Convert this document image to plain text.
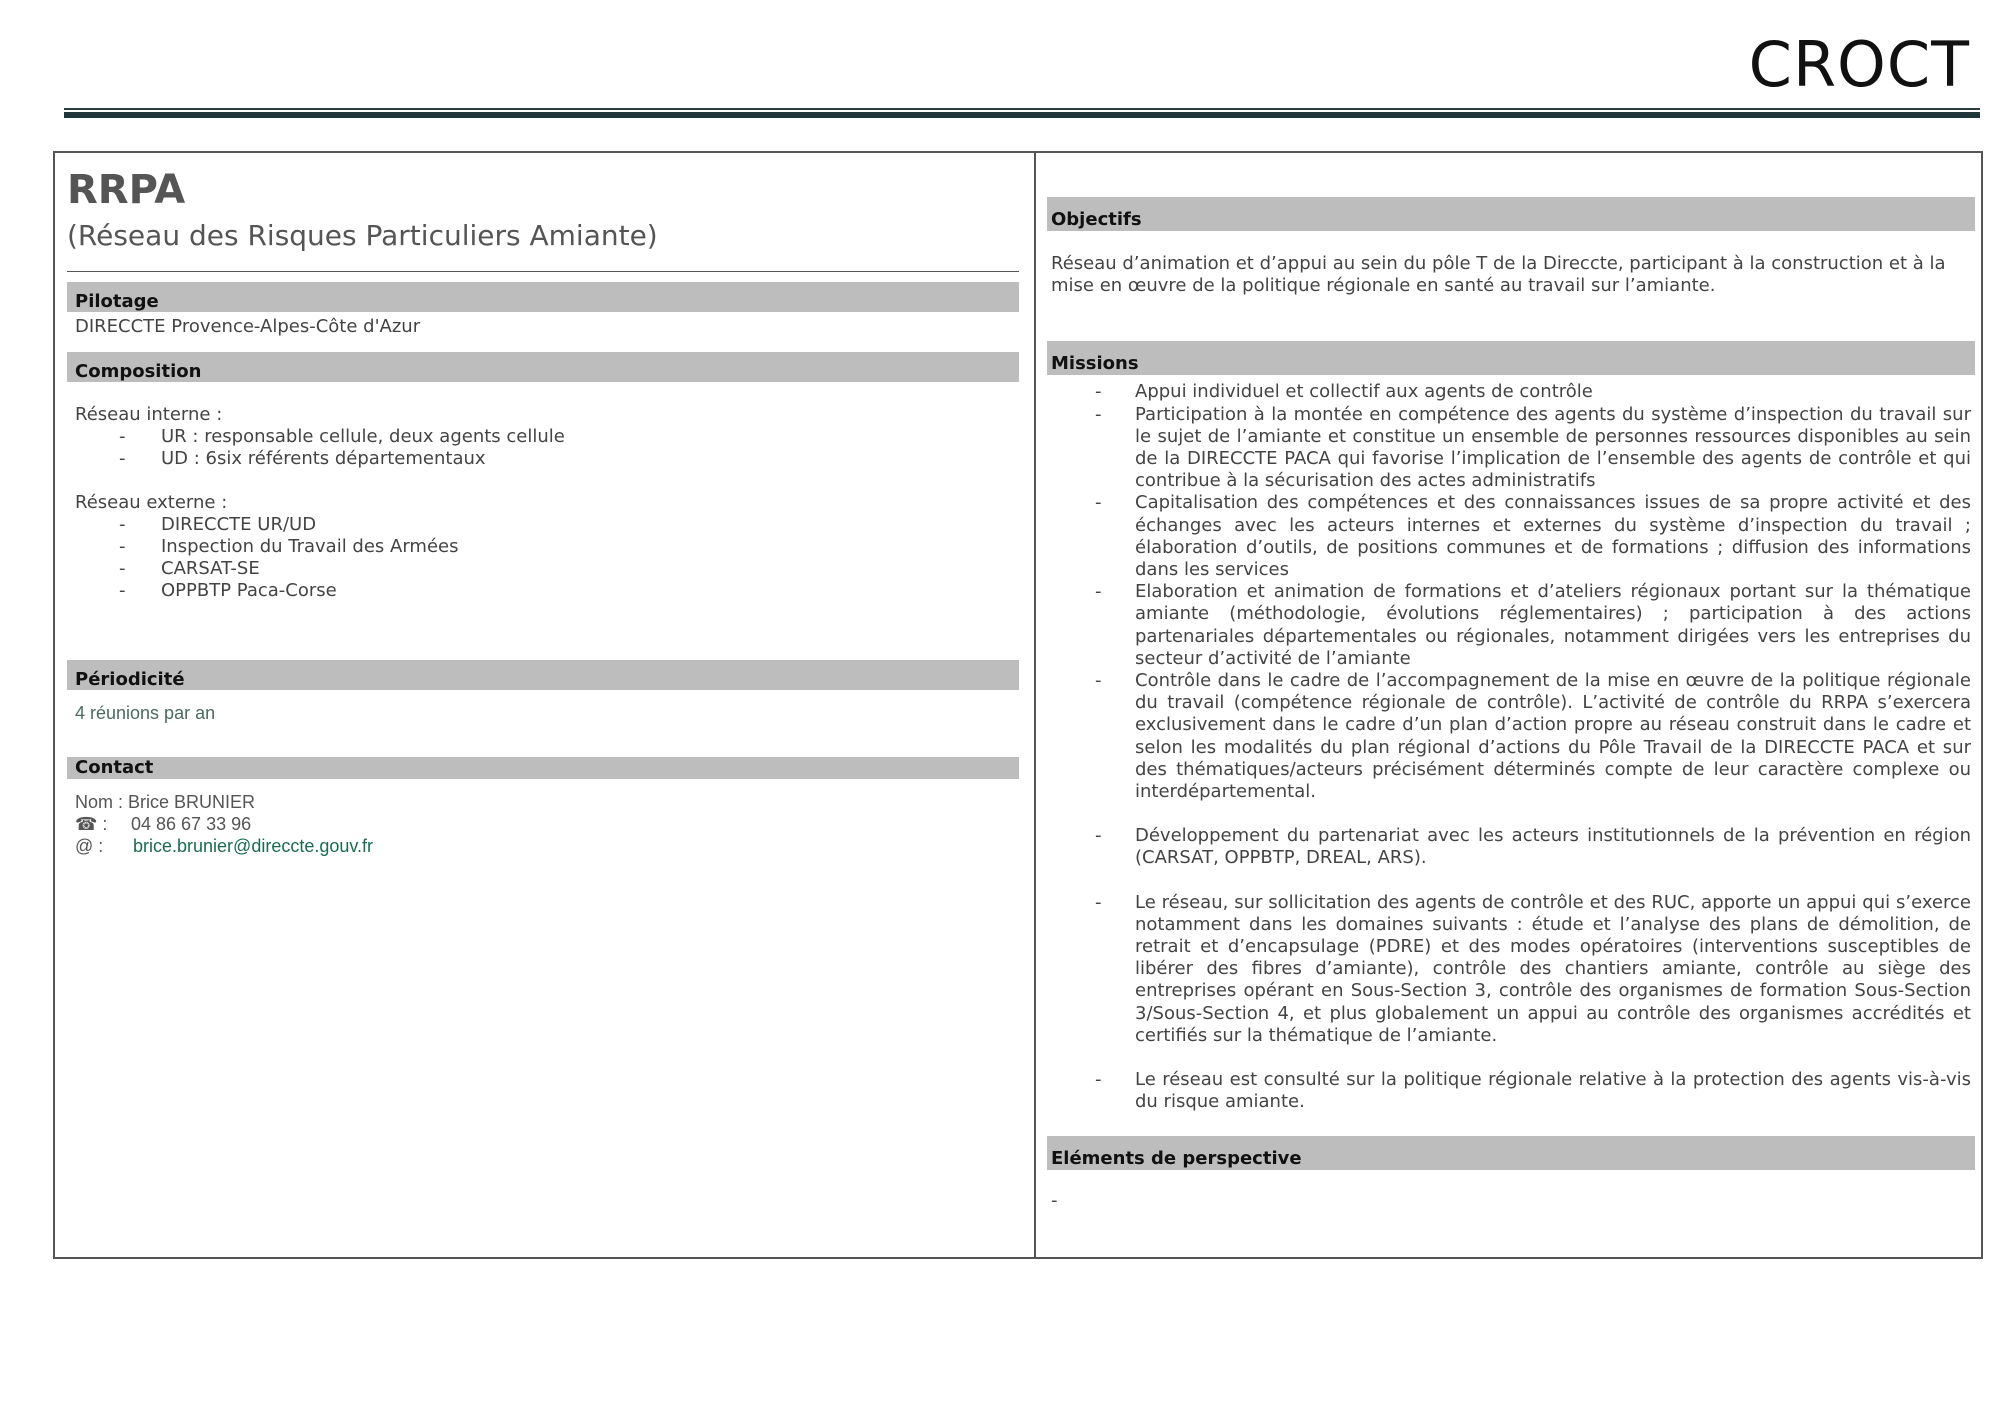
CROCT

RRPA

(Réseau des Risques Particuliers Amiante)

Pilotage
DIRECCTE Provence-Alpes-Côte d'Azur
Composition
Réseau interne :
- UR : responsable cellule, deux agents cellule
- UD : 6six référents départementaux
Réseau externe :
- DIRECCTE UR/UD
- Inspection du Travail des Armées
- CARSAT-SE
- OPPBTP Paca-Corse
Périodicité
4 réunions par an
Contact
Nom : Brice BRUNIER
☎ : 04 86 67 33 96
@ : brice.brunier@direccte.gouv.fr
Objectifs
Réseau d’animation et d’appui au sein du pôle T de la Direccte, participant à la construction et à la mise en œuvre de la politique régionale en santé au travail sur l’amiante.
Missions
- Appui individuel et collectif aux agents de contrôle
- Participation à la montée en compétence des agents du système d’inspection du travail sur le sujet de l’amiante et constitue un ensemble de personnes ressources disponibles au sein de la DIRECCTE PACA qui favorise l’implication de l’ensemble des agents de contrôle et qui contribue à la sécurisation des actes administratifs
- Capitalisation des compétences et des connaissances issues de sa propre activité et des échanges avec les acteurs internes et externes du système d’inspection du travail ; élaboration d’outils, de positions communes et de formations ; diffusion des informations dans les services
- Elaboration et animation de formations et d’ateliers régionaux portant sur la thématique amiante (méthodologie, évolutions réglementaires) ; participation à des actions partenariales départementales ou régionales, notamment dirigées vers les entreprises du secteur d’activité de l’amiante
- Contrôle dans le cadre de l’accompagnement de la mise en œuvre de la politique régionale du travail (compétence régionale de contrôle). L’activité de contrôle du RRPA s’exercera exclusivement dans le cadre d’un plan d’action propre au réseau construit dans le cadre et selon les modalités du plan régional d’actions du Pôle Travail de la DIRECCTE PACA et sur des thématiques/acteurs précisément déterminés compte de leur caractère complexe ou interdépartemental.
- Développement du partenariat avec les acteurs institutionnels de la prévention en région (CARSAT, OPPBTP, DREAL, ARS).
- Le réseau, sur sollicitation des agents de contrôle et des RUC, apporte un appui qui s’exerce notamment dans les domaines suivants : étude et l’analyse des plans de démolition, de retrait et d’encapsulage (PDRE) et des modes opératoires (interventions susceptibles de libérer des fibres d’amiante), contrôle des chantiers amiante, contrôle au siège des entreprises opérant en Sous-Section 3, contrôle des organismes de formation Sous-Section 3/Sous-Section 4, et plus globalement un appui au contrôle des organismes accrédités et certifiés sur la thématique de l’amiante.
- Le réseau est consulté sur la politique régionale relative à la protection des agents vis-à-vis du risque amiante.
Eléments de perspective
-
